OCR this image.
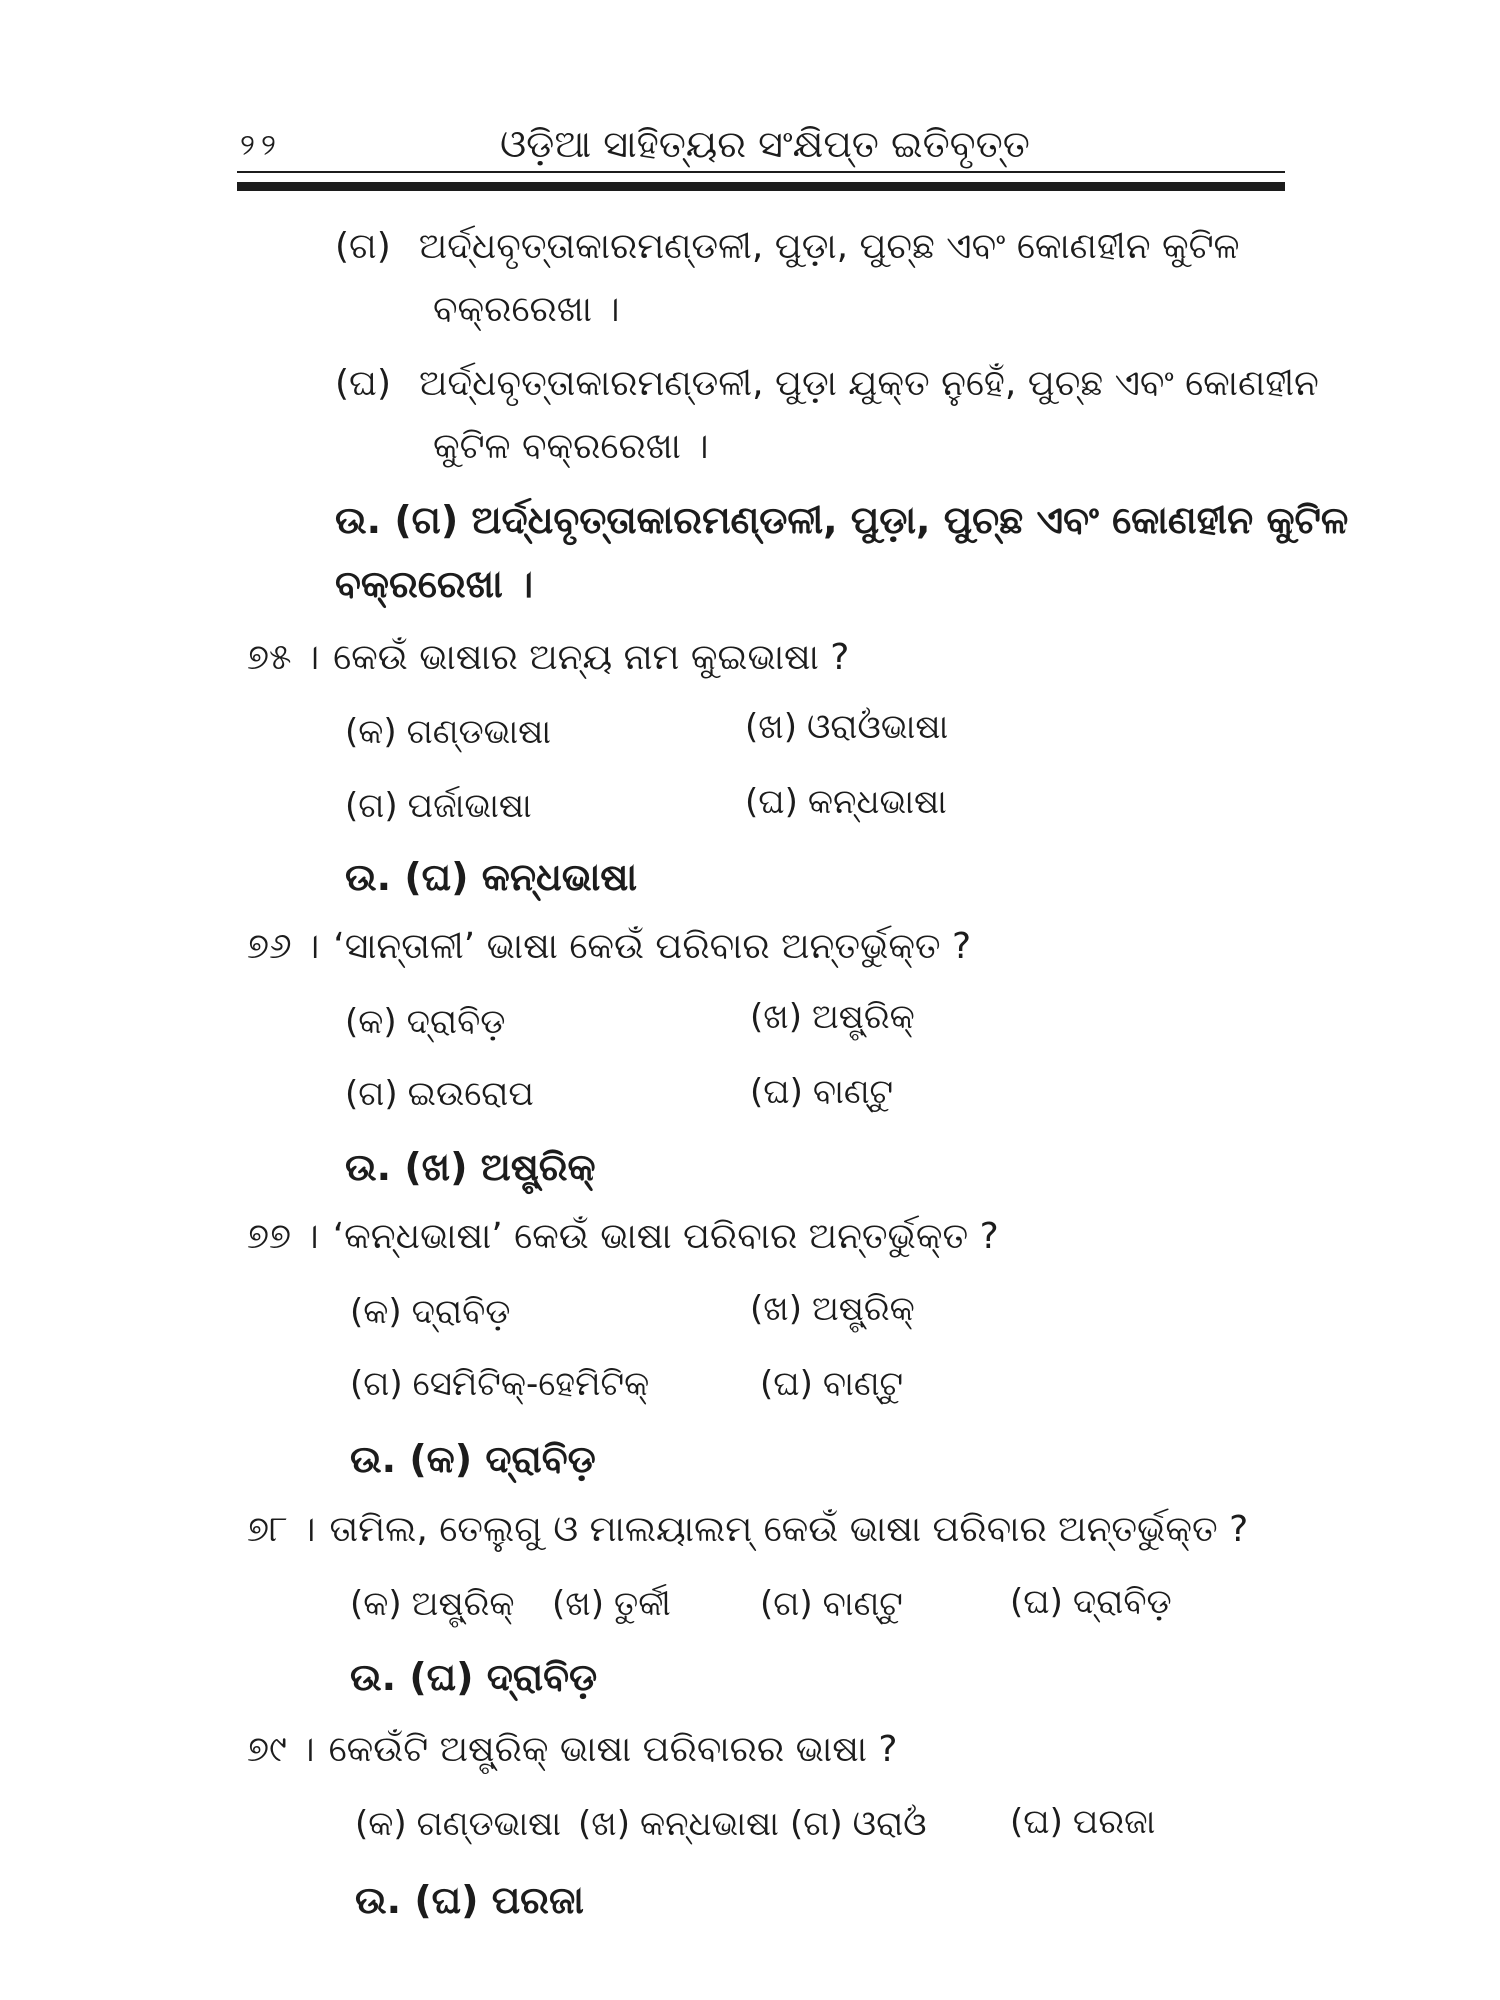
୨୨	ଓଡ଼ିଆ ସାହିତ୍ୟର ସଂକ୍ଷିପ୍ତ ଇତିବୃତ୍ତ
(ଗ) ଅର୍ଦ୍ଧବୃତ୍ତାକାରମଣ୍ଡଳୀ, ପୁଡ଼ା, ପୁଚ୍ଛ ଏବଂ କୋଣହୀନ କୁଟିଳ
ବକ୍ରରେଖା ।
(ଘ) ଅର୍ଦ୍ଧବୃତ୍ତାକାରମଣ୍ଡଳୀ, ପୁଡ଼ା ଯୁକ୍ତ ନୁହେଁ, ପୁଚ୍ଛ ଏବଂ କୋଣହୀନ
କୁଟିଳ ବକ୍ରରେଖା ।
ଉ. (ଗ) ଅର୍ଦ୍ଧବୃତ୍ତାକାରମଣ୍ଡଳୀ, ପୁଡ଼ା, ପୁଚ୍ଛ ଏବଂ କୋଣହୀନ କୁଟିଳ
ବକ୍ରରେଖା ।
୭୫ । କେଉଁ ଭାଷାର ଅନ୍ୟ ନାମ କୁଇଭାଷା ?
(କ) ଗଣ୍ଡଭାଷା	(ଖ) ଓରାଓଁଭାଷା
(ଗ) ପର୍ଜାଭାଷା	(ଘ) କନ୍ଧଭାଷା
ଉ. (ଘ) କନ୍ଧଭାଷା
୭୬ । ‘ସାନ୍ତାଳୀ’ ଭାଷା କେଉଁ ପରିବାର ଅନ୍ତର୍ଭୁକ୍ତ ?
(କ) ଦ୍ରାବିଡ଼	(ଖ) ଅଷ୍ଟ୍ରିକ୍
(ଗ) ଇଉରୋପ	(ଘ) ବାଣ୍ଟୁ
ଉ. (ଖ) ଅଷ୍ଟ୍ରିକ୍
୭୭ । ‘କନ୍ଧଭାଷା’ କେଉଁ ଭାଷା ପରିବାର ଅନ୍ତର୍ଭୁକ୍ତ ?
(କ) ଦ୍ରାବିଡ଼	(ଖ) ଅଷ୍ଟ୍ରିକ୍
(ଗ) ସେମିଟିକ୍-ହେମିଟିକ୍	(ଘ) ବାଣ୍ଟୁ
ଉ. (କ) ଦ୍ରାବିଡ଼
୭୮ । ତାମିଲ, ତେଲୁଗୁ ଓ ମାଲୟାଲମ୍ କେଉଁ ଭାଷା ପରିବାର ଅନ୍ତର୍ଭୁକ୍ତ ?
(କ) ଅଷ୍ଟ୍ରିକ୍ (ଖ) ତୁର୍କୀ	(ଗ) ବାଣ୍ଟୁ	(ଘ) ଦ୍ରାବିଡ଼
ଉ. (ଘ) ଦ୍ରାବିଡ଼
୭୯ । କେଉଁଟି ଅଷ୍ଟ୍ରିକ୍ ଭାଷା ପରିବାରର ଭାଷା ?
(କ) ଗଣ୍ଡଭାଷା (ଖ) କନ୍ଧଭାଷା (ଗ) ଓରାଓଁ (ଘ) ପରଜା
ଉ. (ଘ) ପରଜା
